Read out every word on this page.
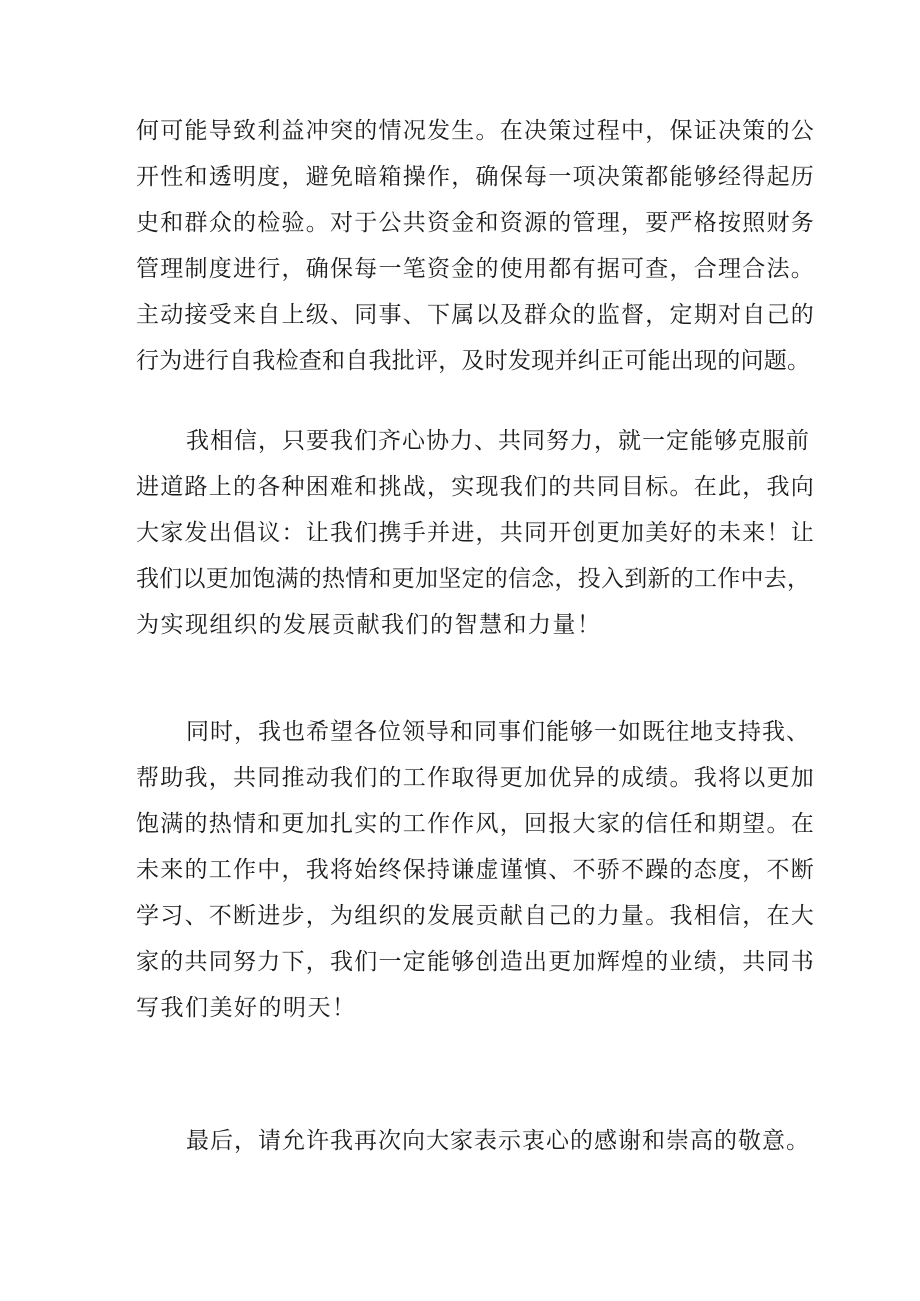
何可能导致利益冲突的情况发生。在决策过程中，保证决策的公
开性和透明度，避免暗箱操作，确保每一项决策都能够经得起历
史和群众的检验。对于公共资金和资源的管理，要严格按照财务
管理制度进行，确保每一笔资金的使用都有据可查，合理合法。
主动接受来自上级、同事、下属以及群众的监督，定期对自己的
行为进行自我检查和自我批评，及时发现并纠正可能出现的问题。
我相信，只要我们齐心协力、共同努力，就一定能够克服前
进道路上的各种困难和挑战，实现我们的共同目标。在此，我向
大家发出倡议：让我们携手并进，共同开创更加美好的未来！让
我们以更加饱满的热情和更加坚定的信念，投入到新的工作中去，
为实现组织的发展贡献我们的智慧和力量！
同时，我也希望各位领导和同事们能够一如既往地支持我、
帮助我，共同推动我们的工作取得更加优异的成绩。我将以更加
饱满的热情和更加扎实的工作作风，回报大家的信任和期望。在
未来的工作中，我将始终保持谦虚谨慎、不骄不躁的态度，不断
学习、不断进步，为组织的发展贡献自己的力量。我相信，在大
家的共同努力下，我们一定能够创造出更加辉煌的业绩，共同书
写我们美好的明天！
最后，请允许我再次向大家表示衷心的感谢和崇高的敬意。
